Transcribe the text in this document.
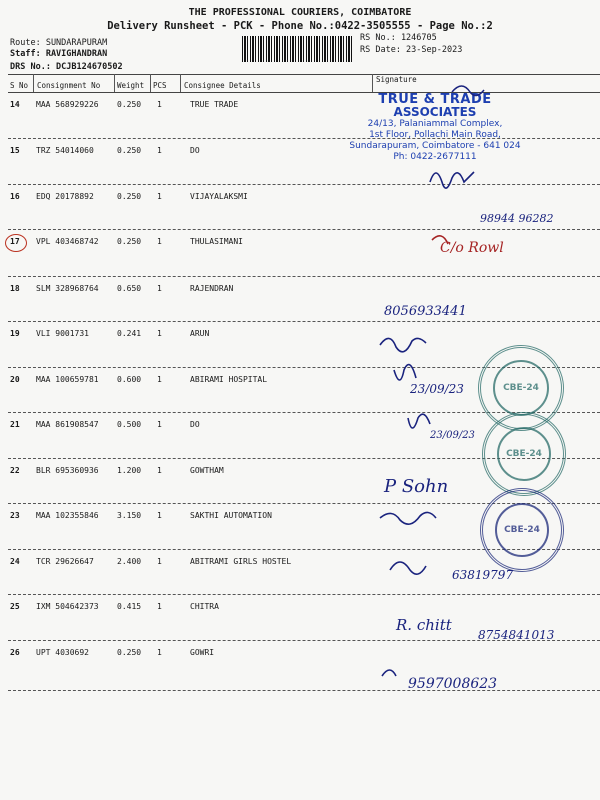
THE PROFESSIONAL COURIERS, COIMBATORE
Delivery Runsheet - PCK - Phone No.:0422-3505555 - Page No.:2
Route: SUNDARAPURAM
Staff: RAVIGHANDRAN
DRS No.: DCJB124670502
RS No.: 1246705
RS Date: 23-Sep-2023
S No Consignment No Weight PCS Consignee Details
Signature
14 MAA 568929226 0.250 1	TRUE TRADE
15 TRZ 54014060	0.250 1	DO
16 EDQ 20178892	0.250 1	VIJAYALAKSMI
17 VPL 403468742 0.250 1	THULASIMANI
18 SLM 328968764 0.650 1	RAJENDRAN
19 VLI 9001731	0.241 1	ARUN
20 MAA 100659781 0.600 1	ABIRAMI HOSPITAL
21 MAA 861908547 0.500 1	DO
22 BLR 695360936 1.200 1	GOWTHAM
23 MAA 102355846 3.150 1	SAKTHI AUTOMATION
24 TCR 29626647	2.400 1	ABITRAMI GIRLS HOSTEL
25 IXM 504642373 0.415 1	CHITRA
26 UPT 4030692	0.250 1	GOWRI
TRUE & TRADE
ASSOCIATES
24/13, Palaniammal Complex,
1st Floor, Pollachi Main Road,
Sundarapuram, Coimbatore - 641 024
Ph: 0422-2677111
CBE-24
CBE-24
CBE-24
98944 96282
C/o Rowl
8056933441
23/09/23
23/09/23
P Sohn
63819797
R. chitt
8754841013
9597008623
